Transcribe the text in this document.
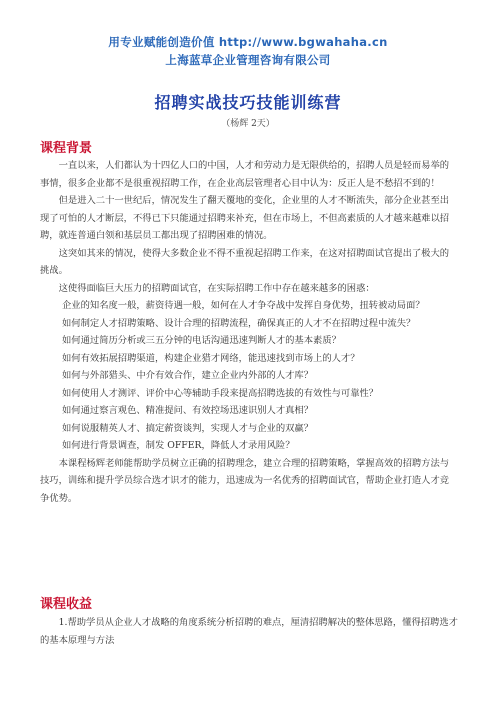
用专业赋能创造价值 http://www.bgwahaha.cn
上海蓝草企业管理咨询有限公司
招聘实战技巧技能训练营
（杨辉 2天）
课程背景

一直以来，人们都认为十四亿人口的中国，人才和劳动力是无限供给的，招聘人员是轻而易举的事情，很多企业都不是很重视招聘工作，在企业高层管理者心目中认为：反正人是不愁招不到的！

但是进入二十一世纪后，情况发生了翻天覆地的变化，企业里的人才不断流失，部分企业甚至出现了可怕的人才断层，不得已下只能通过招聘来补充，但在市场上，不但高素质的人才越来越难以招聘，就连普通白领和基层员工都出现了招聘困难的情况。

这突如其来的情况，使得大多数企业不得不重视起招聘工作来，在这对招聘面试官提出了极大的挑战。

这使得面临巨大压力的招聘面试官，在实际招聘工作中存在越来越多的困惑：

企业的知名度一般，薪资待遇一般，如何在人才争夺战中发挥自身优势，扭转被动局面？

如何制定人才招聘策略、设计合理的招聘流程，确保真正的人才不在招聘过程中流失？

如何通过简历分析或三五分钟的电话沟通迅速判断人才的基本素质？

如何有效拓展招聘渠道，构建企业猎才网络，能迅速找到市场上的人才？

如何与外部猎头、中介有效合作，建立企业内外部的人才库？

如何使用人才测评、评价中心等辅助手段来提高招聘选拔的有效性与可靠性？

如何通过察言观色、精准提问、有效控场迅速识别人才真相？

如何说服精英人才、搞定薪资谈判，实现人才与企业的双赢？

如何进行背景调查，制发 OFFER，降低人才录用风险？

本课程杨辉老师能帮助学员树立正确的招聘理念，建立合理的招聘策略，掌握高效的招聘方法与技巧，训练和提升学员综合选才识才的能力，迅速成为一名优秀的招聘面试官，帮助企业打造人才竞争优势。

课程收益

1.帮助学员从企业人才战略的角度系统分析招聘的难点，厘清招聘解决的整体思路，懂得招聘选才的基本原理与方法
